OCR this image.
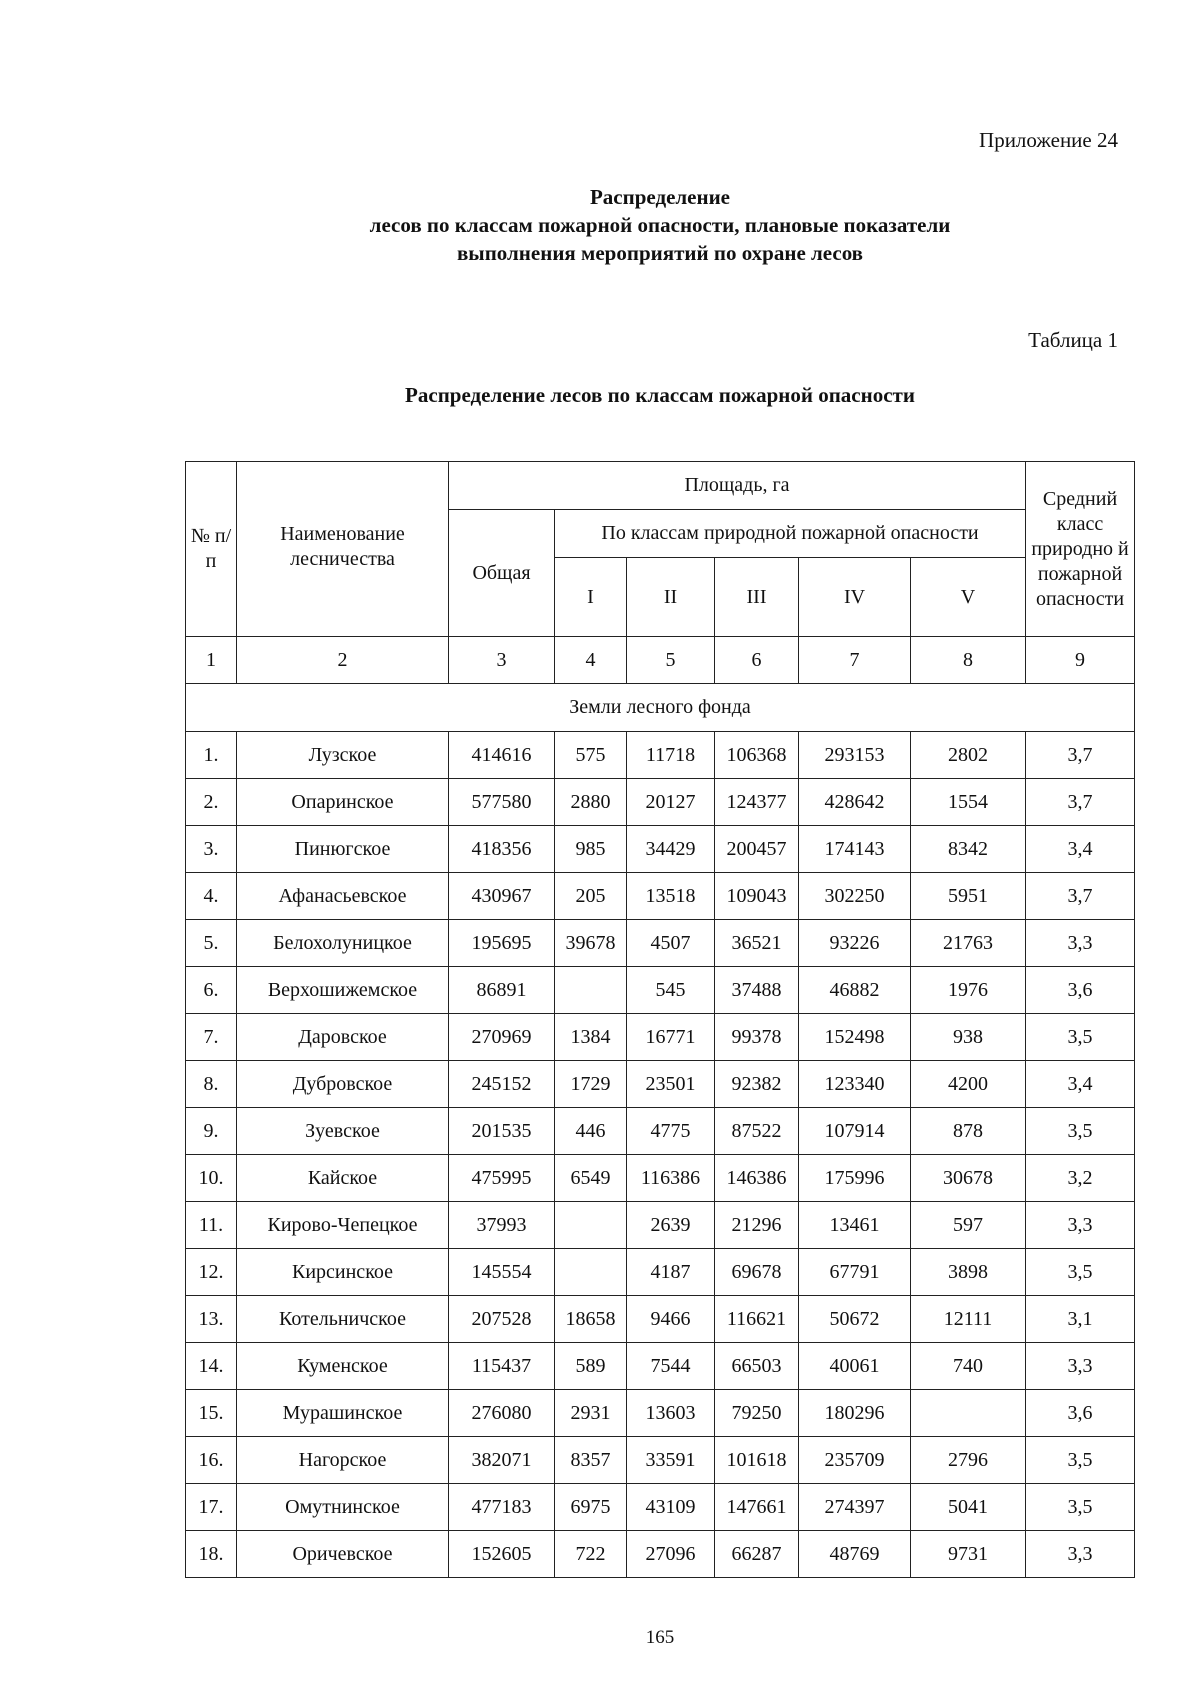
Приложение 24
Распределение
лесов по классам пожарной опасности, плановые показатели
выполнения мероприятий по охране лесов
Таблица 1
Распределение лесов по классам пожарной опасности
№ п/п	Наименование лесничества	Площадь, га						Средний класс природно й пожарной опасности
		Общая	По классам природной пожарной опасности					
			I	II	III	IV	V	
1	2	3	4	5	6	7	8	9
Земли лесного фонда								
1.	Лузское	414616	575	11718	106368	293153	2802	3,7
2.	Опаринское	577580	2880	20127	124377	428642	1554	3,7
3.	Пинюгское	418356	985	34429	200457	174143	8342	3,4
4.	Афанасьевское	430967	205	13518	109043	302250	5951	3,7
5.	Белохолуницкое	195695	39678	4507	36521	93226	21763	3,3
6.	Верхошижемское	86891		545	37488	46882	1976	3,6
7.	Даровское	270969	1384	16771	99378	152498	938	3,5
8.	Дубровское	245152	1729	23501	92382	123340	4200	3,4
9.	Зуевское	201535	446	4775	87522	107914	878	3,5
10.	Кайское	475995	6549	116386	146386	175996	30678	3,2
11.	Кирово-Чепецкое	37993		2639	21296	13461	597	3,3
12.	Кирсинское	145554		4187	69678	67791	3898	3,5
13.	Котельничское	207528	18658	9466	116621	50672	12111	3,1
14.	Куменское	115437	589	7544	66503	40061	740	3,3
15.	Мурашинское	276080	2931	13603	79250	180296		3,6
16.	Нагорское	382071	8357	33591	101618	235709	2796	3,5
17.	Омутнинское	477183	6975	43109	147661	274397	5041	3,5
18.	Оричевское	152605	722	27096	66287	48769	9731	3,3
165
